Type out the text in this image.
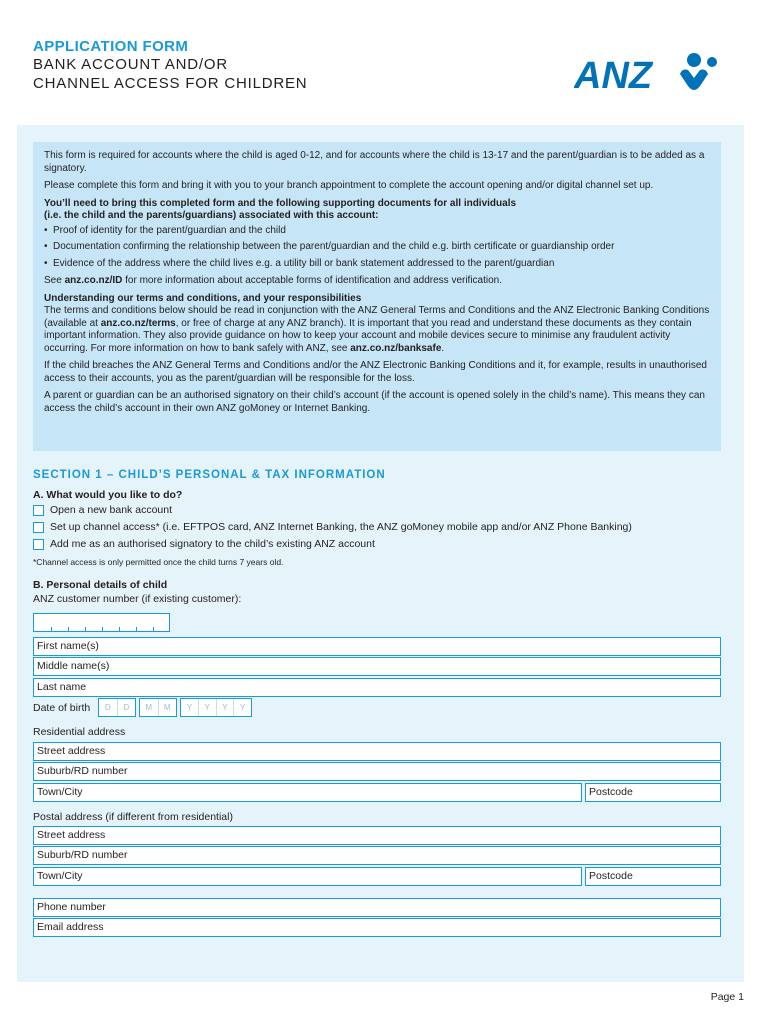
APPLICATION FORM
BANK ACCOUNT AND/OR
CHANNEL ACCESS FOR CHILDREN	ANZ

This form is required for accounts where the child is aged 0-12, and for accounts where the child is 13-17 and the parent/guardian is to be added as a signatory.

Please complete this form and bring it with you to your branch appointment to complete the account opening and/or digital channel set up.

You’ll need to bring this completed form and the following supporting documents for all individuals

(i.e. the child and the parents/guardians) associated with this account:

• Proof of identity for the parent/guardian and the child
• Documentation confirming the relationship between the parent/guardian and the child e.g. birth certificate or guardianship order
• Evidence of the address where the child lives e.g. a utility bill or bank statement addressed to the parent/guardian

See anz.co.nz/ID for more information about acceptable forms of identification and address verification.

Understanding our terms and conditions, and your responsibilities

The terms and conditions below should be read in conjunction with the ANZ General Terms and Conditions and the ANZ Electronic Banking Conditions (available at anz.co.nz/terms, or free of charge at any ANZ branch). It is important that you read and understand these documents as they contain important information. They also provide guidance on how to keep your account and mobile devices secure to minimise any fraudulent activity occurring. For more information on how to bank safely with ANZ, see anz.co.nz/banksafe.

If the child breaches the ANZ General Terms and Conditions and/or the ANZ Electronic Banking Conditions and it, for example, results in unauthorised access to their accounts, you as the parent/guardian will be responsible for the loss.

A parent or guardian can be an authorised signatory on their child’s account (if the account is opened solely in the child’s name). This means they can access the child’s account in their own ANZ goMoney or Internet Banking.

SECTION 1 – CHILD’S PERSONAL & TAX INFORMATION
A. What would you like to do?
Open a new bank account
Set up channel access* (i.e. EFTPOS card, ANZ Internet Banking, the ANZ goMoney mobile app and/or ANZ Phone Banking)
Add me as an authorised signatory to the child’s existing ANZ account
*Channel access is only permitted once the child turns 7 years old.
B. Personal details of child
ANZ customer number (if existing customer):
First name(s)
Middle name(s)
Last name
Date of birth	D	D	M	M	Y	Y	Y	Y
Residential address
Street address
Suburb/RD number
Town/City	Postcode
Postal address (if different from residential)
Street address
Suburb/RD number
Town/City	Postcode
Phone number
Email address
Page 1
